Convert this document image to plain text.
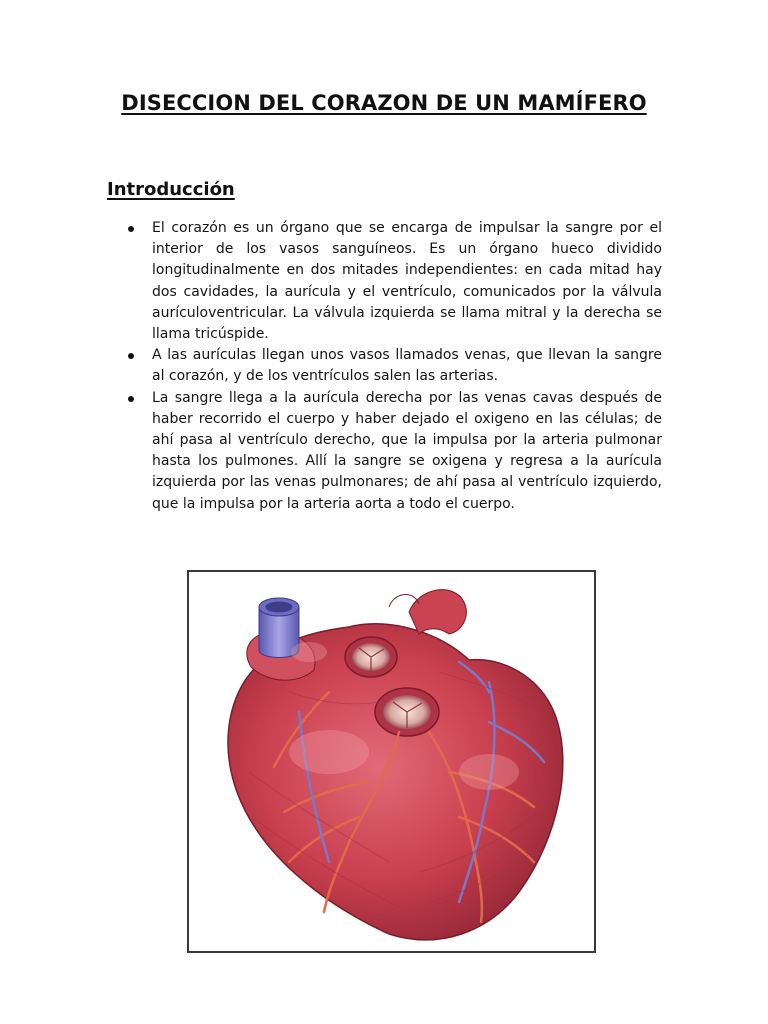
DISECCION DEL CORAZON DE UN MAMÍFERO
Introducción
El corazón es un órgano que se encarga de impulsar la sangre por el interior de los vasos sanguíneos. Es un órgano hueco dividido longitudinalmente en dos mitades independientes: en cada mitad hay dos cavidades, la aurícula y el ventrículo, comunicados por la válvula aurículoventricular. La válvula izquierda se llama mitral y la derecha se llama tricúspide.
A las aurículas llegan unos vasos llamados venas, que llevan la sangre al corazón, y de los ventrículos salen las arterias.
La sangre llega a la aurícula derecha por las venas cavas después de haber recorrido el cuerpo y haber dejado el oxigeno en las células; de ahí pasa al ventrículo derecho, que la impulsa por la arteria pulmonar hasta los pulmones. Allí la sangre se oxigena y regresa a la aurícula izquierda por las venas pulmonares; de ahí pasa al ventrículo izquierdo, que la impulsa por la arteria aorta a todo el cuerpo.
